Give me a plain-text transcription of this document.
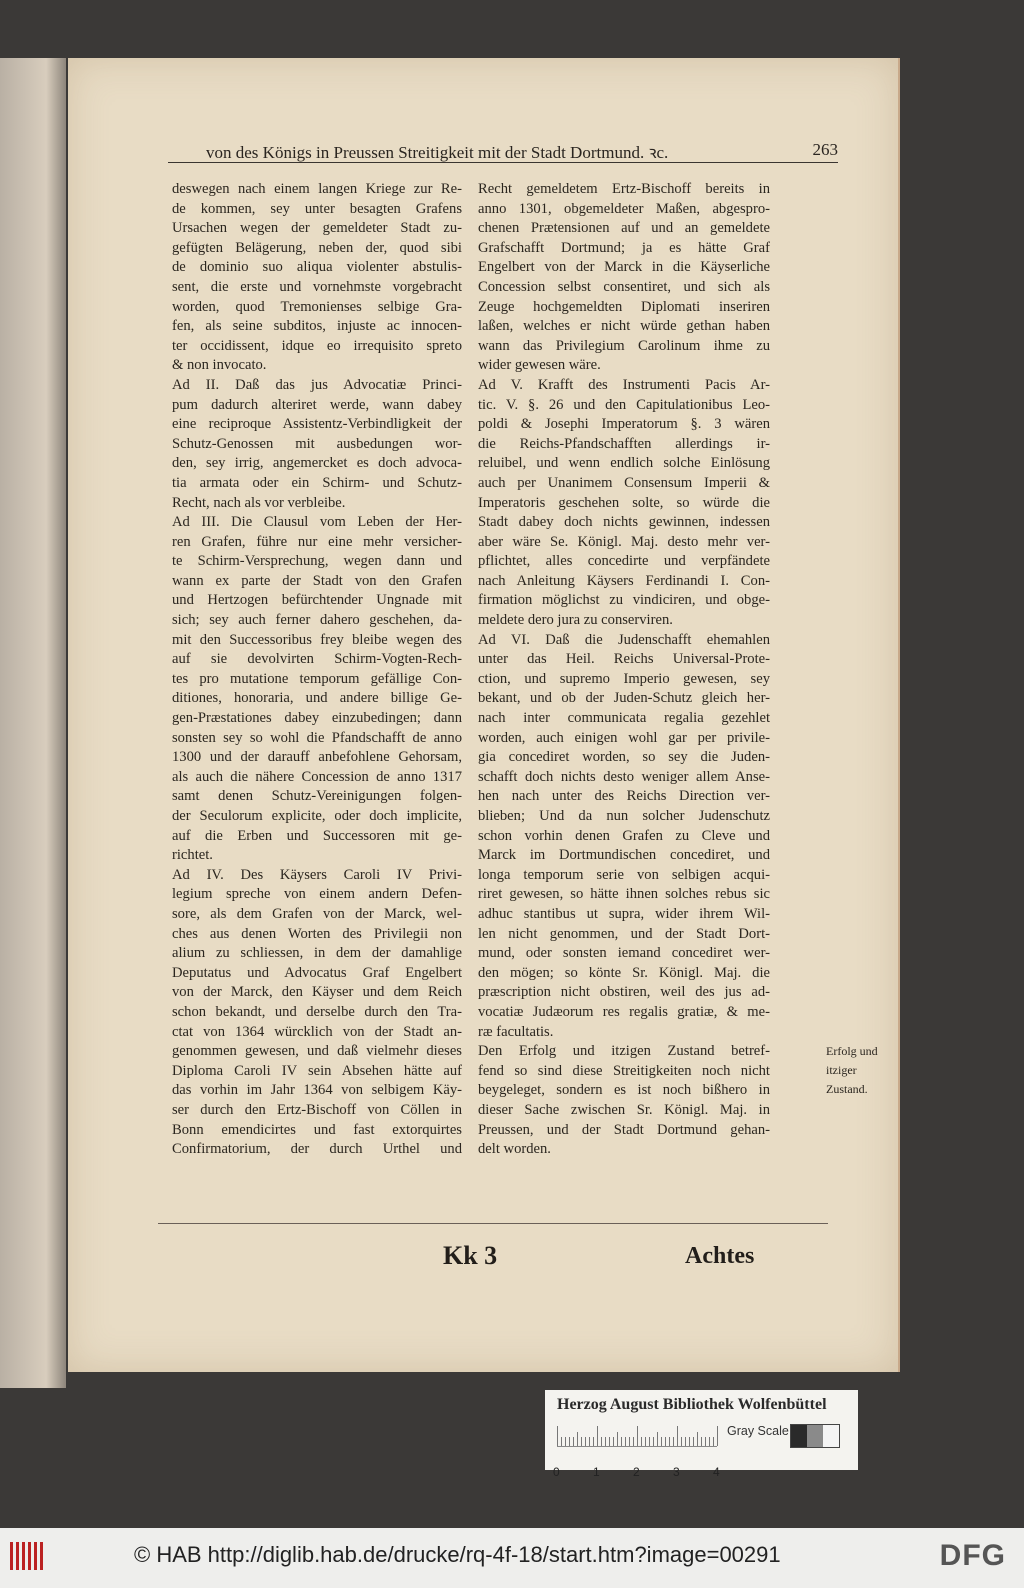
von des Königs in Preussen Streitigkeit mit der Stadt Dortmund. ꝛc.	263
deswegen nach einem langen Kriege zur Re-
de kommen, sey unter besagten Grafens
Ursachen wegen der gemeldeter Stadt zu-
gefügten Belägerung, neben der, quod sibi
de dominio suo aliqua violenter abstulis-
sent, die erste und vornehmste vorgebracht
worden, quod Tremonienses selbige Gra-
fen, als seine subditos, injuste ac innocen-
ter occidissent, idque eo irrequisito spreto
& non invocato.
Ad II. Daß das jus Advocatiæ Princi-
pum dadurch alteriret werde, wann dabey
eine reciproque Assistentz-Verbindligkeit der
Schutz-Genossen mit ausbedungen wor-
den, sey irrig, angemercket es doch advoca-
tia armata oder ein Schirm- und Schutz-
Recht, nach als vor verbleibe.
Ad III. Die Clausul vom Leben der Her-
ren Grafen, führe nur eine mehr versicher-
te Schirm-Versprechung, wegen dann und
wann ex parte der Stadt von den Grafen
und Hertzogen befürchtender Ungnade mit
sich; sey auch ferner dahero geschehen, da-
mit den Successoribus frey bleibe wegen des
auf sie devolvirten Schirm-Vogten-Rech-
tes pro mutatione temporum gefällige Con-
ditiones, honoraria, und andere billige Ge-
gen-Præstationes dabey einzubedingen; dann
sonsten sey so wohl die Pfandschafft de anno
1300 und der darauff anbefohlene Gehorsam,
als auch die nähere Concession de anno 1317
samt denen Schutz-Vereinigungen folgen-
der Seculorum explicite, oder doch implicite,
auf die Erben und Successoren mit ge-
richtet.
Ad IV. Des Käysers Caroli IV Privi-
legium spreche von einem andern Defen-
sore, als dem Grafen von der Marck, wel-
ches aus denen Worten des Privilegii non
alium zu schliessen, in dem der damahlige
Deputatus und Advocatus Graf Engelbert
von der Marck, den Käyser und dem Reich
schon bekandt, und derselbe durch den Tra-
ctat von 1364 würcklich von der Stadt an-
genommen gewesen, und daß vielmehr dieses
Diploma Caroli IV sein Absehen hätte auf
das vorhin im Jahr 1364 von selbigem Käy-
ser durch den Ertz-Bischoff von Cöllen in
Bonn emendicirtes und fast extorquirtes
Confirmatorium, der durch Urthel und
Recht gemeldetem Ertz-Bischoff bereits in
anno 1301, obgemeldeter Maßen, abgespro-
chenen Prætensionen auf und an gemeldete
Grafschafft Dortmund; ja es hätte Graf
Engelbert von der Marck in die Käyserliche
Concession selbst consentiret, und sich als
Zeuge hochgemeldten Diplomati inseriren
laßen, welches er nicht würde gethan haben
wann das Privilegium Carolinum ihme zu
wider gewesen wäre.
Ad V. Krafft des Instrumenti Pacis Ar-
tic. V. §. 26 und den Capitulationibus Leo-
poldi & Josephi Imperatorum §. 3 wären
die Reichs-Pfandschafften allerdings ir-
reluibel, und wenn endlich solche Einlösung
auch per Unanimem Consensum Imperii &
Imperatoris geschehen solte, so würde die
Stadt dabey doch nichts gewinnen, indessen
aber wäre Se. Königl. Maj. desto mehr ver-
pflichtet, alles concedirte und verpfändete
nach Anleitung Käysers Ferdinandi I. Con-
firmation möglichst zu vindiciren, und obge-
meldete dero jura zu conserviren.
Ad VI. Daß die Judenschafft ehemahlen
unter das Heil. Reichs Universal-Prote-
ction, und supremo Imperio gewesen, sey
bekant, und ob der Juden-Schutz gleich her-
nach inter communicata regalia gezehlet
worden, auch einigen wohl gar per privile-
gia concediret worden, so sey die Juden-
schafft doch nichts desto weniger allem Anse-
hen nach unter des Reichs Direction ver-
blieben; Und da nun solcher Judenschutz
schon vorhin denen Grafen zu Cleve und
Marck im Dortmundischen concediret, und
longa temporum serie von selbigen acqui-
riret gewesen, so hätte ihnen solches rebus sic
adhuc stantibus ut supra, wider ihrem Wil-
len nicht genommen, und der Stadt Dort-
mund, oder sonsten iemand concediret wer-
den mögen; so könte Sr. Königl. Maj. die
præscription nicht obstiren, weil des jus ad-
vocatiæ Judæorum res regalis gratiæ, & me-
ræ facultatis.
Den Erfolg und itzigen Zustand betref-
fend so sind diese Streitigkeiten noch nicht
beygeleget, sondern es ist noch bißhero in
dieser Sache zwischen Sr. Königl. Maj. in
Preussen, und der Stadt Dortmund gehan-
delt worden.
Erfolg und itziger Zustand.
Kk 3	Achtes
Herzog August Bibliothek Wolfenbüttel
Gray Scale
© HAB http://diglib.hab.de/drucke/rq-4f-18/start.htm?image=00291	DFG
0	1	2	3	4
